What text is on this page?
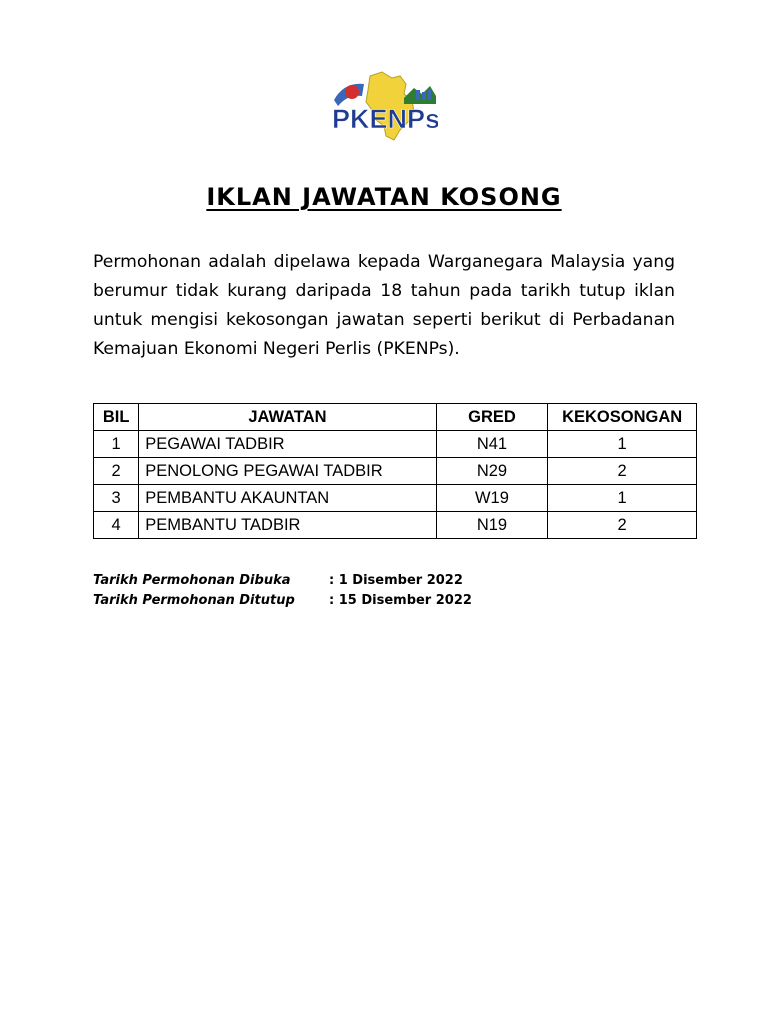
PKENPs
IKLAN JAWATAN KOSONG
Permohonan adalah dipelawa kepada Warganegara Malaysia yang berumur tidak kurang daripada 18 tahun pada tarikh tutup iklan untuk mengisi kekosongan jawatan seperti berikut di Perbadanan Kemajuan Ekonomi Negeri Perlis (PKENPs).
BIL	JAWATAN	GRED	KEKOSONGAN
1	PEGAWAI TADBIR	N41	1
2	PENOLONG PEGAWAI TADBIR	N29	2
3	PEMBANTU AKAUNTAN	W19	1
4	PEMBANTU TADBIR	N19	2
Tarikh Permohonan Dibuka	: 1 Disember 2022
Tarikh Permohonan Ditutup	: 15 Disember 2022
